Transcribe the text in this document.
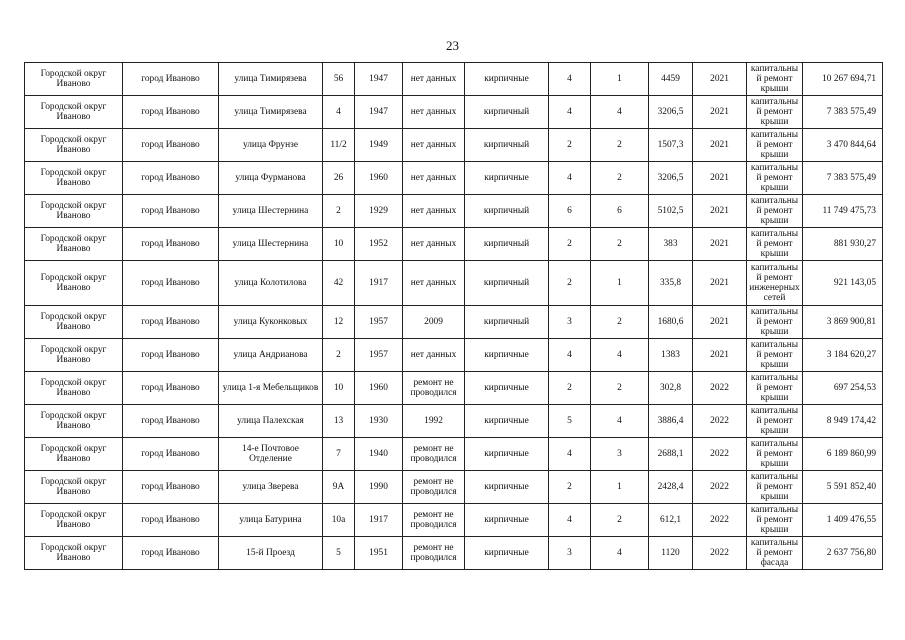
23
Городской округ Иваново	город Иваново	улица Тимирязева	56	1947	нет данных	кирпичные	4	1	4459	2021	капитальный ремонт крыши	10 267 694,71
Городской округ Иваново	город Иваново	улица Тимирязева	4	1947	нет данных	кирпичный	4	4	3206,5	2021	капитальный ремонт крыши	7 383 575,49
Городской округ Иваново	город Иваново	улица Фрунзе	11/2	1949	нет данных	кирпичный	2	2	1507,3	2021	капитальный ремонт крыши	3 470 844,64
Городской округ Иваново	город Иваново	улица Фурманова	26	1960	нет данных	кирпичные	4	2	3206,5	2021	капитальный ремонт крыши	7 383 575,49
Городской округ Иваново	город Иваново	улица Шестернина	2	1929	нет данных	кирпичный	6	6	5102,5	2021	капитальный ремонт крыши	11 749 475,73
Городской округ Иваново	город Иваново	улица Шестернина	10	1952	нет данных	кирпичный	2	2	383	2021	капитальный ремонт крыши	881 930,27
Городской округ Иваново	город Иваново	улица Колотилова	42	1917	нет данных	кирпичный	2	1	335,8	2021	капитальный ремонт инженерных сетей	921 143,05
Городской округ Иваново	город Иваново	улица Куконковых	12	1957	2009	кирпичный	3	2	1680,6	2021	капитальный ремонт крыши	3 869 900,81
Городской округ Иваново	город Иваново	улица Андрианова	2	1957	нет данных	кирпичные	4	4	1383	2021	капитальный ремонт крыши	3 184 620,27
Городской округ Иваново	город Иваново	улица 1-я Мебельщиков	10	1960	ремонт не проводился	кирпичные	2	2	302,8	2022	капитальный ремонт крыши	697 254,53
Городской округ Иваново	город Иваново	улица Палехская	13	1930	1992	кирпичные	5	4	3886,4	2022	капитальный ремонт крыши	8 949 174,42
Городской округ Иваново	город Иваново	14-е Почтовое Отделение	7	1940	ремонт не проводился	кирпичные	4	3	2688,1	2022	капитальный ремонт крыши	6 189 860,99
Городской округ Иваново	город Иваново	улица Зверева	9А	1990	ремонт не проводился	кирпичные	2	1	2428,4	2022	капитальный ремонт крыши	5 591 852,40
Городской округ Иваново	город Иваново	улица Батурина	10а	1917	ремонт не проводился	кирпичные	4	2	612,1	2022	капитальный ремонт крыши	1 409 476,55
Городской округ Иваново	город Иваново	15-й Проезд	5	1951	ремонт не проводился	кирпичные	3	4	1120	2022	капитальный ремонт фасада	2 637 756,80
